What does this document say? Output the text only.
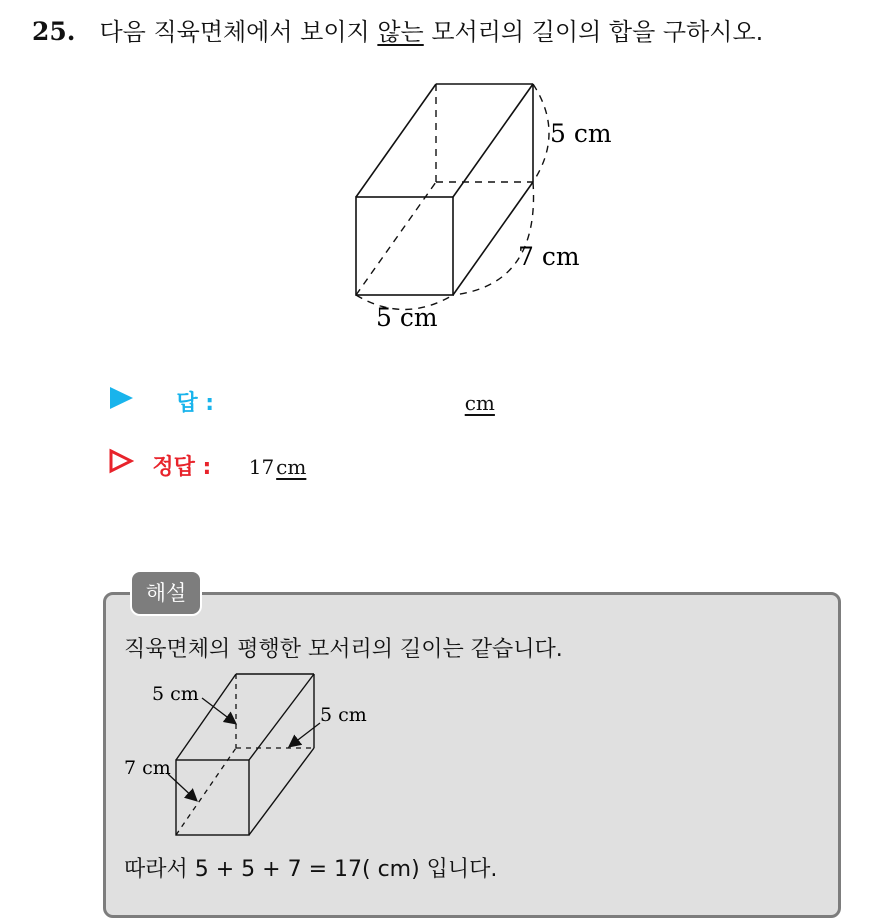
25. 다음 직육면체에서 보이지 않는 모서리의 길이의 합을 구하시오.
5 cm
7 cm
5 cm
답 :	cm
정답 : 17 cm
해설
직육면체의 평행한 모서리의 길이는 같습니다.
5 cm
5 cm
7 cm
따라서 5 + 5 + 7 = 17( cm) 입니다.
